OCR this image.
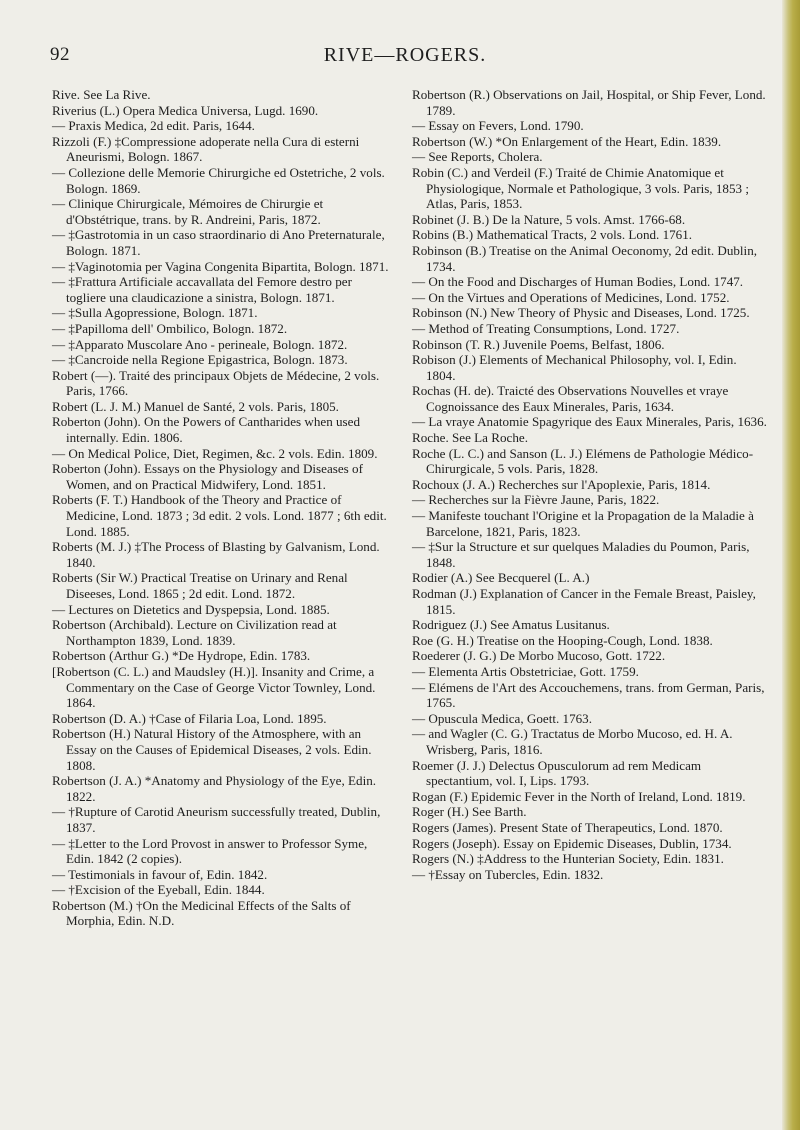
92	RIVE—ROGERS.

Rive. See La Rive.

Riverius (L.) Opera Medica Universa, Lugd. 1690.

— Praxis Medica, 2d edit. Paris, 1644.

Rizzoli (F.) ‡Compressione adoperate nella Cura di esterni Aneurismi, Bologn. 1867.

— Collezione delle Memorie Chirurgiche ed Ostetriche, 2 vols. Bologn. 1869.

— Clinique Chirurgicale, Mémoires de Chirurgie et d'Obstétrique, trans. by R. Andreini, Paris, 1872.

— ‡Gastrotomia in un caso straordinario di Ano Preternaturale, Bologn. 1871.

— ‡Vaginotomia per Vagina Congenita Bipartita, Bologn. 1871.

— ‡Frattura Artificiale accavallata del Femore destro per togliere una claudicazione a sinistra, Bologn. 1871.

— ‡Sulla Agopressione, Bologn. 1871.

— ‡Papilloma dell' Ombilico, Bologn. 1872.

— ‡Apparato Muscolare Ano - perineale, Bologn. 1872.

— ‡Cancroide nella Regione Epigastrica, Bologn. 1873.

Robert (—). Traité des principaux Objets de Médecine, 2 vols. Paris, 1766.

Robert (L. J. M.) Manuel de Santé, 2 vols. Paris, 1805.

Roberton (John). On the Powers of Cantharides when used internally. Edin. 1806.

— On Medical Police, Diet, Regimen, &c. 2 vols. Edin. 1809.

Roberton (John). Essays on the Physiology and Diseases of Women, and on Practical Midwifery, Lond. 1851.

Roberts (F. T.) Handbook of the Theory and Practice of Medicine, Lond. 1873 ; 3d edit. 2 vols. Lond. 1877 ; 6th edit. Lond. 1885.

Roberts (M. J.) ‡The Process of Blasting by Galvanism, Lond. 1840.

Roberts (Sir W.) Practical Treatise on Urinary and Renal Diseeses, Lond. 1865 ; 2d edit. Lond. 1872.

— Lectures on Dietetics and Dyspepsia, Lond. 1885.

Robertson (Archibald). Lecture on Civilization read at Northampton 1839, Lond. 1839.

Robertson (Arthur G.) *De Hydrope, Edin. 1783.

[Robertson (C. L.) and Maudsley (H.)]. Insanity and Crime, a Commentary on the Case of George Victor Townley, Lond. 1864.

Robertson (D. A.) †Case of Filaria Loa, Lond. 1895.

Robertson (H.) Natural History of the Atmosphere, with an Essay on the Causes of Epidemical Diseases, 2 vols. Edin. 1808.

Robertson (J. A.) *Anatomy and Physiology of the Eye, Edin. 1822.

— †Rupture of Carotid Aneurism successfully treated, Dublin, 1837.

— ‡Letter to the Lord Provost in answer to Professor Syme, Edin. 1842 (2 copies).

— Testimonials in favour of, Edin. 1842.

— †Excision of the Eyeball, Edin. 1844.

Robertson (M.) †On the Medicinal Effects of the Salts of Morphia, Edin. N.D.

Robertson (R.) Observations on Jail, Hospital, or Ship Fever, Lond. 1789.

— Essay on Fevers, Lond. 1790.

Robertson (W.) *On Enlargement of the Heart, Edin. 1839.

— See Reports, Cholera.

Robin (C.) and Verdeil (F.) Traité de Chimie Anatomique et Physiologique, Normale et Pathologique, 3 vols. Paris, 1853 ; Atlas, Paris, 1853.

Robinet (J. B.) De la Nature, 5 vols. Amst. 1766-68.

Robins (B.) Mathematical Tracts, 2 vols. Lond. 1761.

Robinson (B.) Treatise on the Animal Oeconomy, 2d edit. Dublin, 1734.

— On the Food and Discharges of Human Bodies, Lond. 1747.

— On the Virtues and Operations of Medicines, Lond. 1752.

Robinson (N.) New Theory of Physic and Diseases, Lond. 1725.

— Method of Treating Consumptions, Lond. 1727.

Robinson (T. R.) Juvenile Poems, Belfast, 1806.

Robison (J.) Elements of Mechanical Philosophy, vol. I, Edin. 1804.

Rochas (H. de). Traicté des Observations Nouvelles et vraye Cognoissance des Eaux Minerales, Paris, 1634.

— La vraye Anatomie Spagyrique des Eaux Minerales, Paris, 1636.

Roche. See La Roche.

Roche (L. C.) and Sanson (L. J.) Elémens de Pathologie Médico-Chirurgicale, 5 vols. Paris, 1828.

Rochoux (J. A.) Recherches sur l'Apoplexie, Paris, 1814.

— Recherches sur la Fièvre Jaune, Paris, 1822.

— Manifeste touchant l'Origine et la Propagation de la Maladie à Barcelone, 1821, Paris, 1823.

— ‡Sur la Structure et sur quelques Maladies du Poumon, Paris, 1848.

Rodier (A.) See Becquerel (L. A.)

Rodman (J.) Explanation of Cancer in the Female Breast, Paisley, 1815.

Rodriguez (J.) See Amatus Lusitanus.

Roe (G. H.) Treatise on the Hooping-Cough, Lond. 1838.

Roederer (J. G.) De Morbo Mucoso, Gott. 1722.

— Elementa Artis Obstetriciae, Gott. 1759.

— Elémens de l'Art des Accouchemens, trans. from German, Paris, 1765.

— Opuscula Medica, Goett. 1763.

— and Wagler (C. G.) Tractatus de Morbo Mucoso, ed. H. A. Wrisberg, Paris, 1816.

Roemer (J. J.) Delectus Opusculorum ad rem Medicam spectantium, vol. I, Lips. 1793.

Rogan (F.) Epidemic Fever in the North of Ireland, Lond. 1819.

Roger (H.) See Barth.

Rogers (James). Present State of Therapeutics, Lond. 1870.

Rogers (Joseph). Essay on Epidemic Diseases, Dublin, 1734.

Rogers (N.) ‡Address to the Hunterian Society, Edin. 1831.

— †Essay on Tubercles, Edin. 1832.
